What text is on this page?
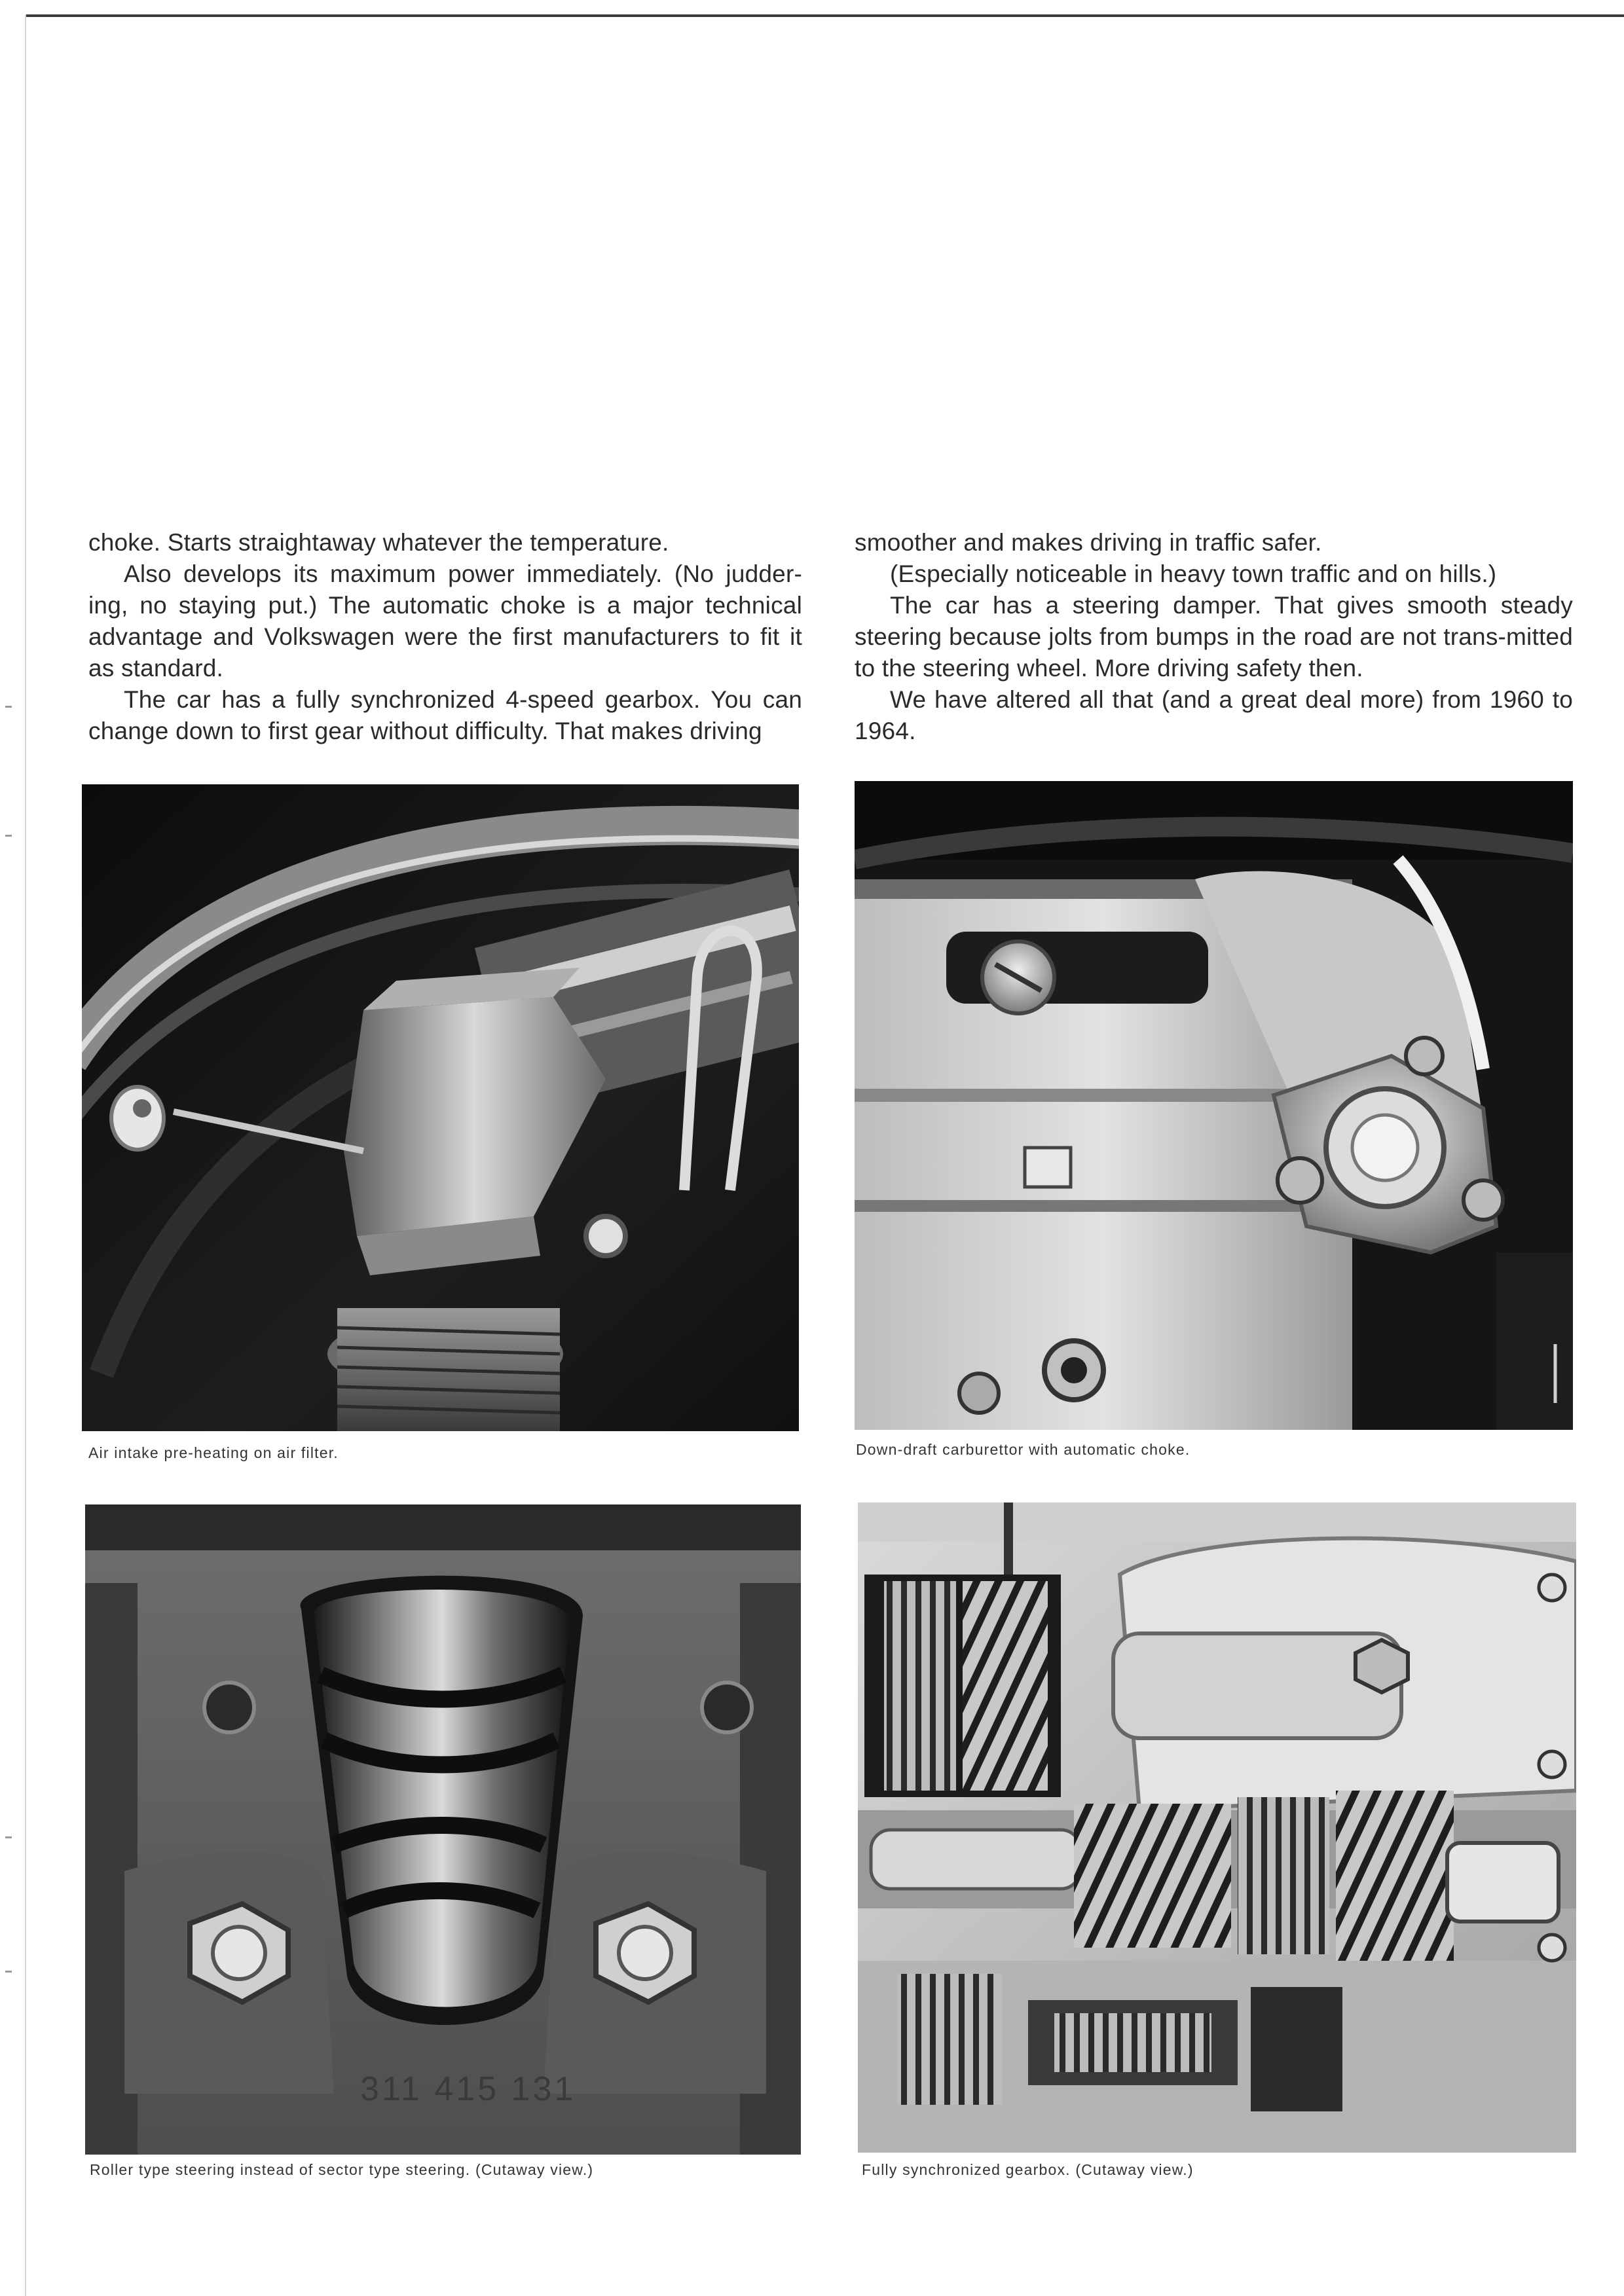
choke. Starts straightaway whatever the temperature.

Also develops its maximum power immediately. (No judder-ing, no staying put.) The automatic choke is a major technical advantage and Volkswagen were the first manufacturers to fit it as standard.

The car has a fully synchronized 4-speed gearbox. You can change down to first gear without difficulty. That makes driving

smoother and makes driving in traffic safer.

(Especially noticeable in heavy town traffic and on hills.)

The car has a steering damper. That gives smooth steady steering because jolts from bumps in the road are not trans-mitted to the steering wheel. More driving safety then.

We have altered all that (and a great deal more) from 1960 to 1964.

Air intake pre-heating on air filter.	Down-draft carburettor with automatic choke.
311 415 131
Roller type steering instead of sector type steering. (Cutaway view.)	Fully synchronized gearbox. (Cutaway view.)
